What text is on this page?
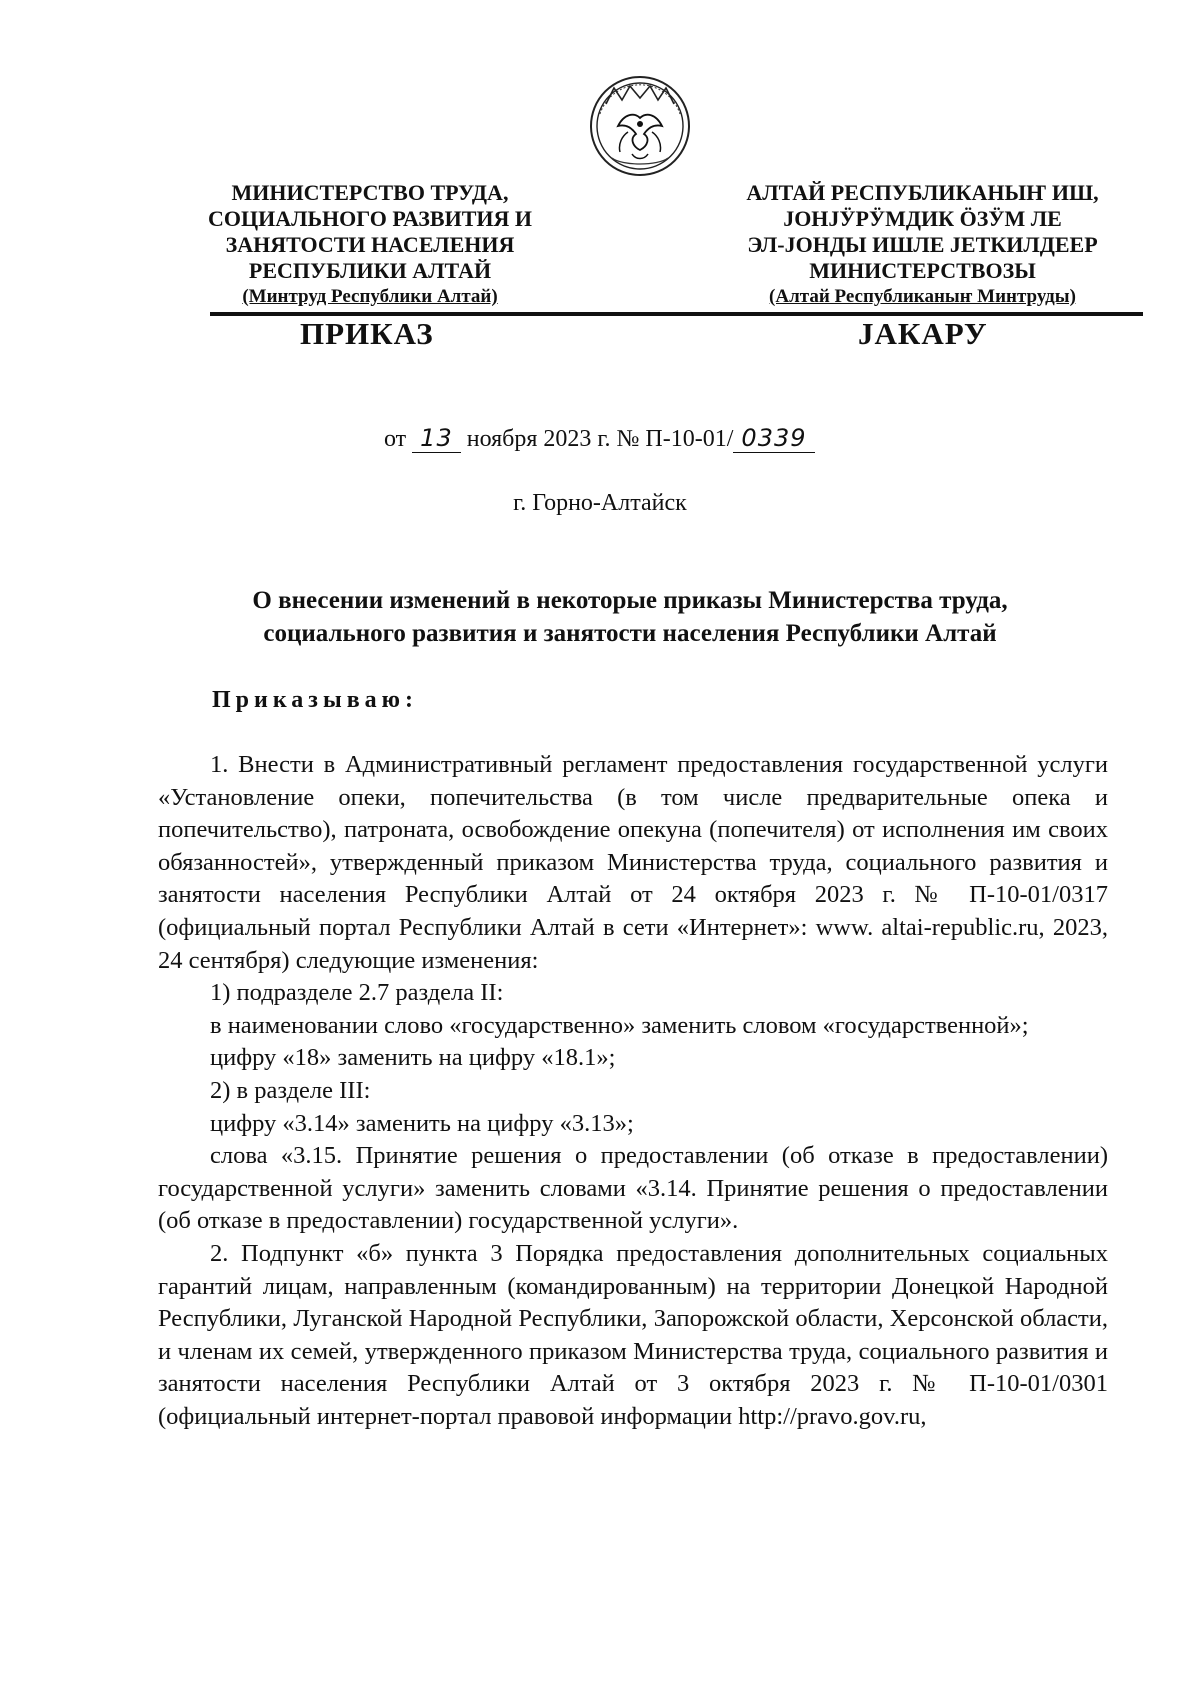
МИНИСТЕРСТВО ТРУДА,
СОЦИАЛЬНОГО РАЗВИТИЯ И
ЗАНЯТОСТИ НАСЕЛЕНИЯ
РЕСПУБЛИКИ АЛТАЙ
(Минтруд Республики Алтай)
АЛТАЙ РЕСПУБЛИКАНЫҤ ИШ,
ЈОНЈӰРӰМДИК ӦЗӰМ ЛЕ
ЭЛ-ЈОНДЫ ИШЛЕ ЈЕТКИЛДЕЕР
МИНИСТЕРСТВОЗЫ
(Алтай Республиканыҥ Минтруды)
ПРИКАЗ	ЈАКАРУ
от 13 ноября 2023 г. № П-10-01/ 0339
г. Горно-Алтайск
О внесении изменений в некоторые приказы Министерства труда,
социального развития и занятости населения Республики Алтай
Приказываю:

1. Внести в Административный регламент предоставления государственной услуги «Установление опеки, попечительства (в том числе предварительные опека и попечительство), патроната, освобождение опекуна (попечителя) от исполнения им своих обязанностей», утвержденный приказом Министерства труда, социального развития и занятости населения Республики Алтай от 24 октября 2023 г. № П-10-01/0317 (официальный портал Республики Алтай в сети «Интернет»: www. altai-republic.ru, 2023, 24 сентября) следующие изменения:

1) подразделе 2.7 раздела II:

в наименовании слово «государственно» заменить словом «государственной»;

цифру «18» заменить на цифру «18.1»;

2) в разделе III:

цифру «3.14» заменить на цифру «3.13»;

слова «3.15. Принятие решения о предоставлении (об отказе в предоставлении) государственной услуги» заменить словами «3.14. Принятие решения о предоставлении (об отказе в предоставлении) государственной услуги».

2. Подпункт «б» пункта 3 Порядка предоставления дополнительных социальных гарантий лицам, направленным (командированным) на территории Донецкой Народной Республики, Луганской Народной Республики, Запорожской области, Херсонской области, и членам их семей, утвержденного приказом Министерства труда, социального развития и занятости населения Республики Алтай от 3 октября 2023 г. № П-10-01/0301 (официальный интернет-портал правовой информации http://pravo.gov.ru,
